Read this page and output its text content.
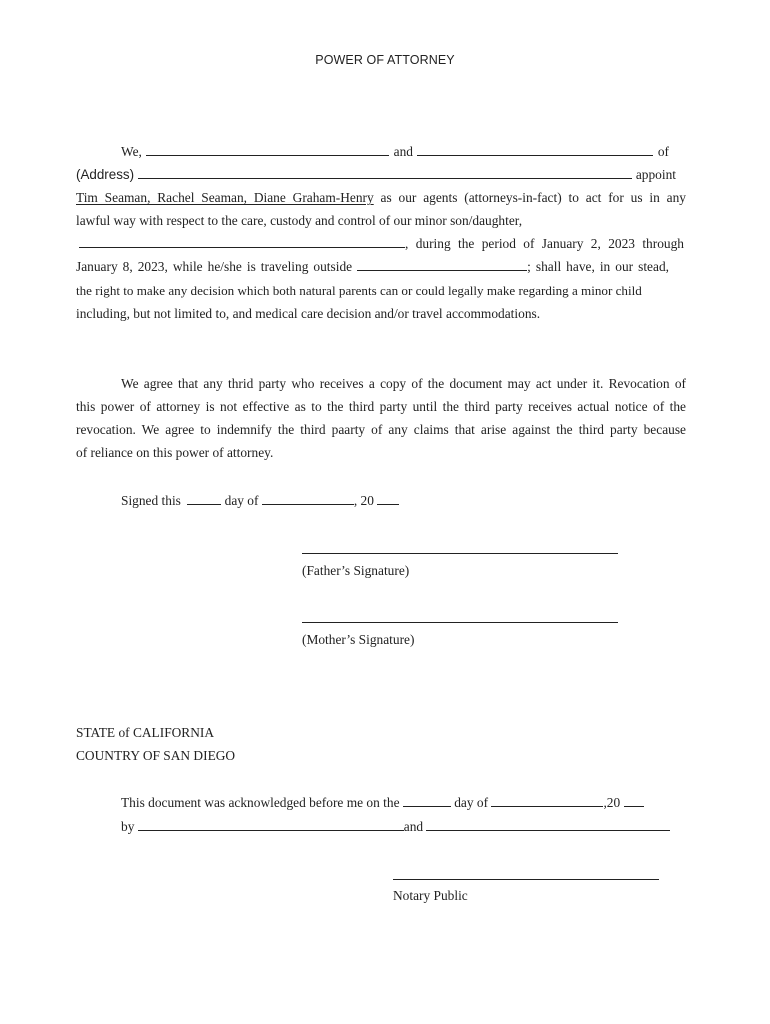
POWER OF ATTORNEY
We,	and	of
(Address)	appoint
Tim Seaman, Rachel Seaman, Diane Graham-Henry as our agents (attorneys-in-fact) to act for us in any
lawful way with respect to the care, custody and control of our minor son/daughter,
, during the period of January 2, 2023 through
January 8, 2023, while he/she is traveling outside	; shall have, in our stead,
the right to make any decision which both natural parents can or could legally make regarding a minor child
including, but not limited to, and medical care decision and/or travel accommodations.
We agree that any thrid party who receives a copy of the document may act under it. Revocation of
this power of attorney is not effective as to the third party until the third party receives actual notice of the
revocation. We agree to indemnify the third paarty of any claims that arise against the third party because
of reliance on this power of attorney.
Signed this	day of	, 20
(Father’s Signature)
(Mother’s Signature)
STATE of CALIFORNIA
COUNTRY OF SAN DIEGO
This document was acknowledged before me on the	day of	,20
by	and
Notary Public
